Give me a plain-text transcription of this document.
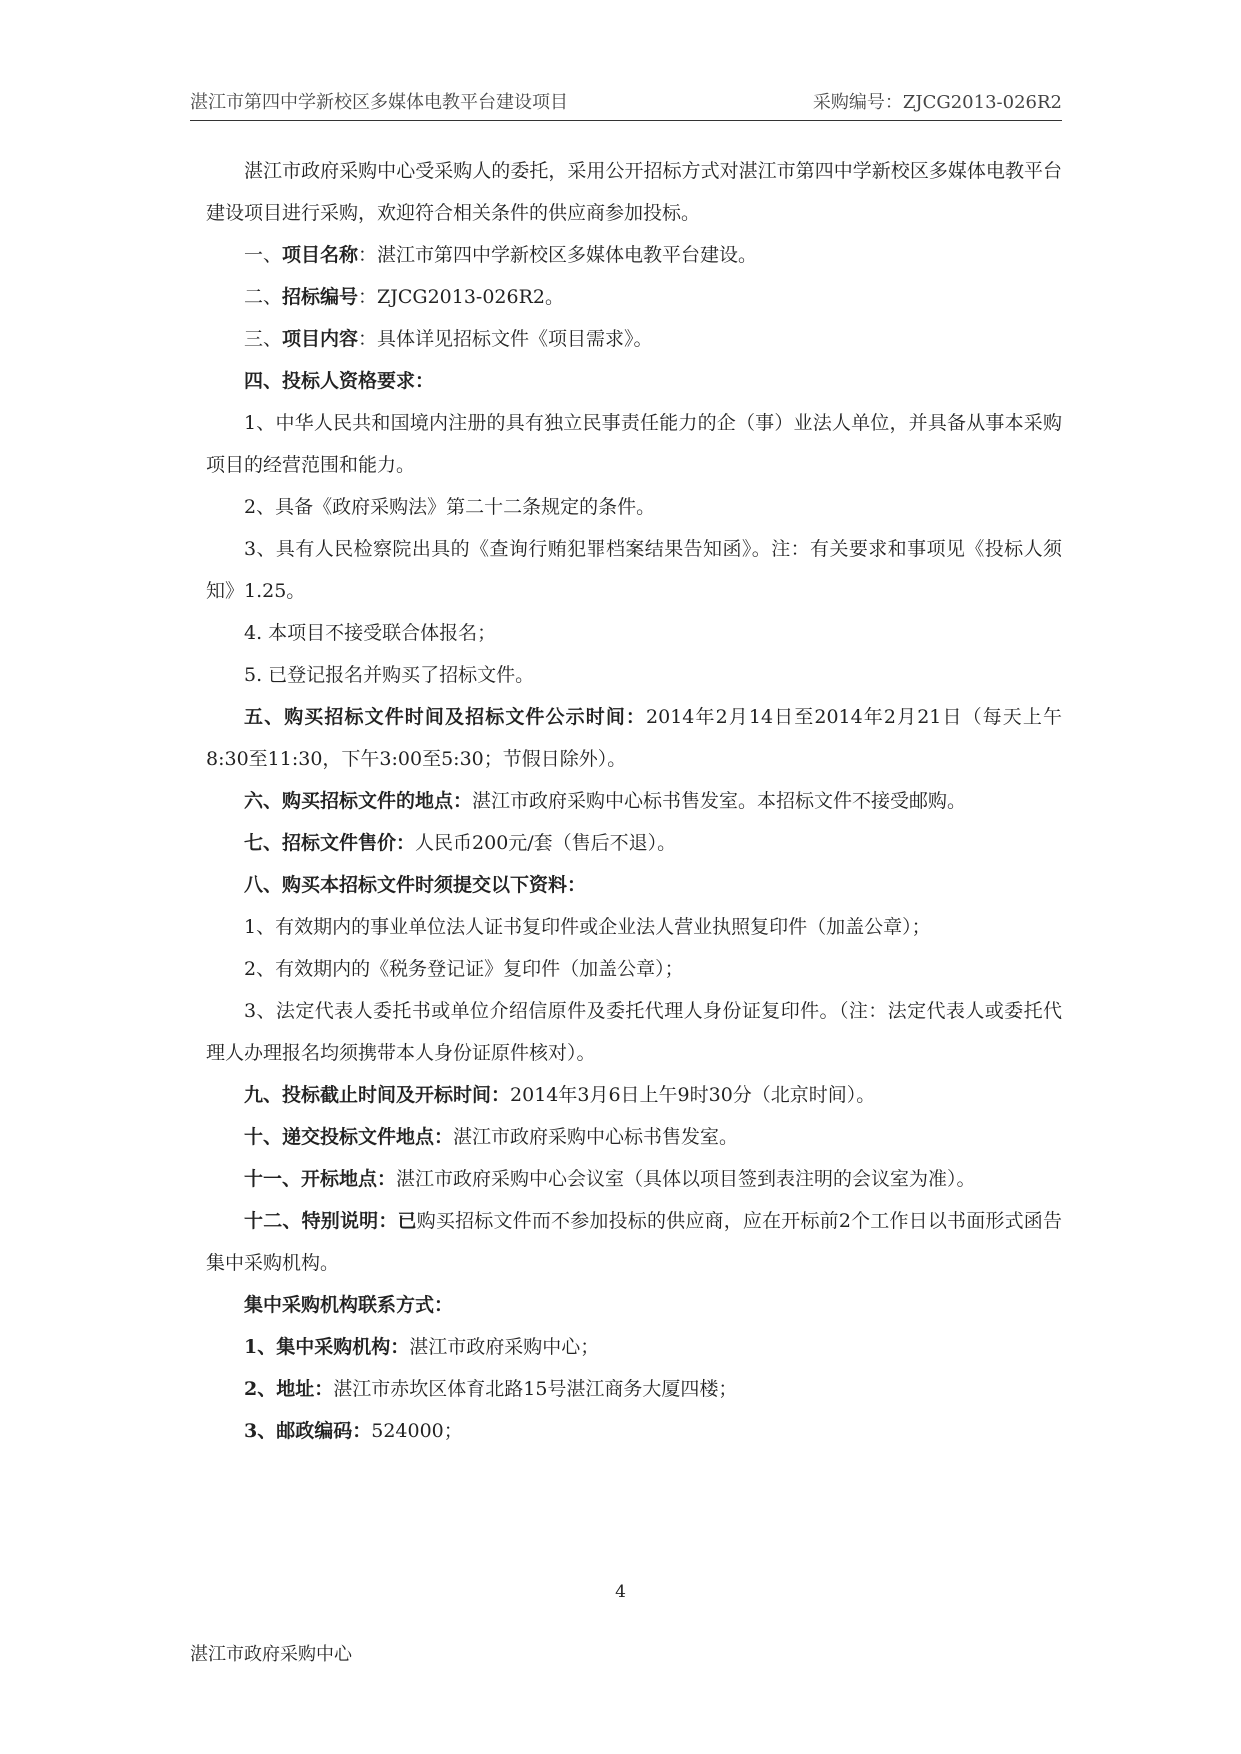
湛江市第四中学新校区多媒体电教平台建设项目	采购编号：ZJCG2013-026R2

湛江市政府采购中心受采购人的委托，采用公开招标方式对湛江市第四中学新校区多媒体电教平台建设项目进行采购，欢迎符合相关条件的供应商参加投标。

一、项目名称：湛江市第四中学新校区多媒体电教平台建设。

二、招标编号：ZJCG2013-026R2。

三、项目内容：具体详见招标文件《项目需求》。

四、投标人资格要求：

1、中华人民共和国境内注册的具有独立民事责任能力的企（事）业法人单位，并具备从事本采购项目的经营范围和能力。

2、具备《政府采购法》第二十二条规定的条件。

3、具有人民检察院出具的《查询行贿犯罪档案结果告知函》。注：有关要求和事项见《投标人须知》1.25。

4. 本项目不接受联合体报名；

5. 已登记报名并购买了招标文件。

五、购买招标文件时间及招标文件公示时间：2014年2月14日至2014年2月21日（每天上午8:30至11:30，下午3:00至5:30；节假日除外）。

六、购买招标文件的地点：湛江市政府采购中心标书售发室。本招标文件不接受邮购。

七、招标文件售价：人民币200元/套（售后不退）。

八、购买本招标文件时须提交以下资料：

1、有效期内的事业单位法人证书复印件或企业法人营业执照复印件（加盖公章）；

2、有效期内的《税务登记证》复印件（加盖公章）；

3、法定代表人委托书或单位介绍信原件及委托代理人身份证复印件。（注：法定代表人或委托代理人办理报名均须携带本人身份证原件核对）。

九、投标截止时间及开标时间：2014年3月6日上午9时30分（北京时间）。

十、递交投标文件地点：湛江市政府采购中心标书售发室。

十一、开标地点：湛江市政府采购中心会议室（具体以项目签到表注明的会议室为准）。

十二、特别说明：已购买招标文件而不参加投标的供应商，应在开标前2个工作日以书面形式函告集中采购机构。

集中采购机构联系方式：

1、集中采购机构：湛江市政府采购中心；

2、地址：湛江市赤坎区体育北路15号湛江商务大厦四楼；

3、邮政编码：524000；

4
湛江市政府采购中心
